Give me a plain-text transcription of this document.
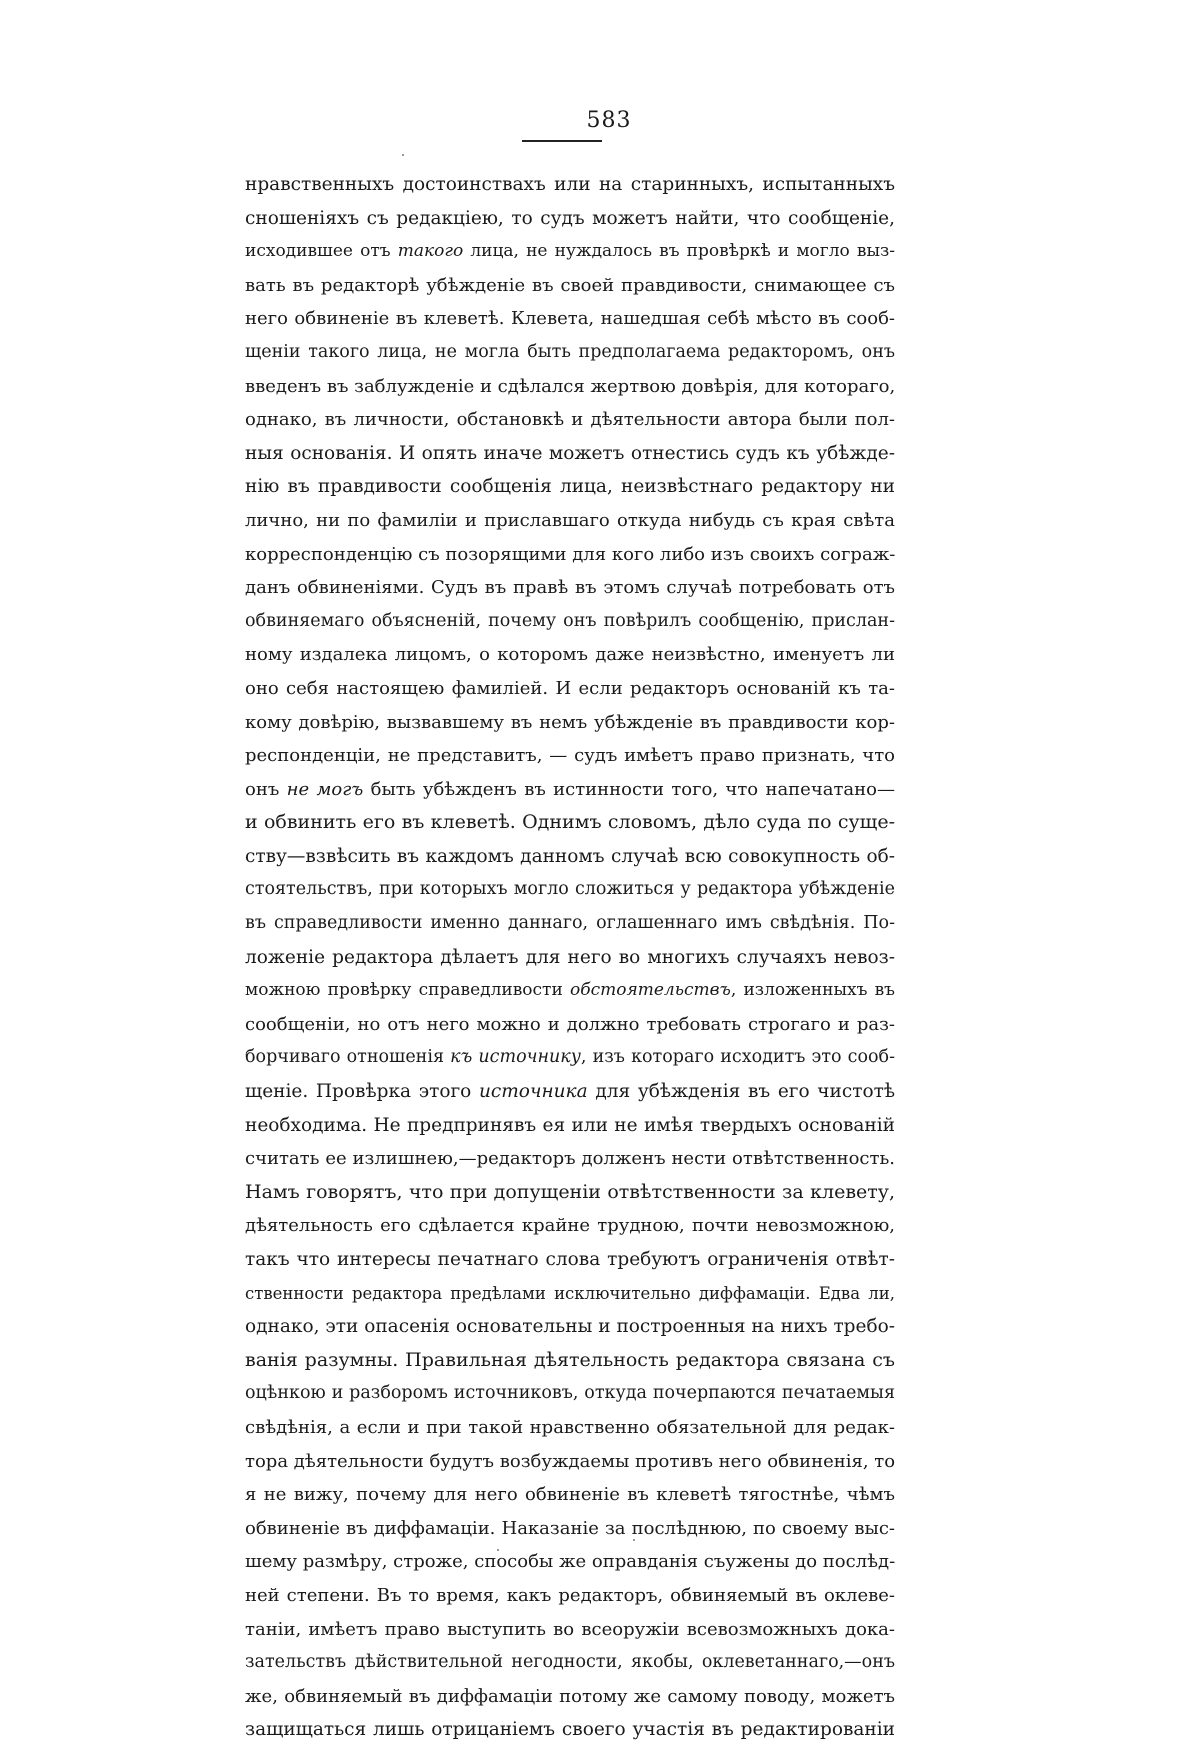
583
нравственныхъ достоинствахъ или на старинныхъ, испытанныхъ
сношеніяхъ съ редакціею, то судъ можетъ найти, что сообщеніе,
исходившее отъ такого лица, не нуждалось въ провѣркѣ и могло выз-
вать въ редакторѣ убѣжденіе въ своей правдивости, снимающее съ
него обвиненіе въ клеветѣ. Клевета, нашедшая себѣ мѣсто въ сооб-
щеніи такого лица, не могла быть предполагаема редакторомъ, онъ
введенъ въ заблужденіе и сдѣлался жертвою довѣрія, для котораго,
однако, въ личности, обстановкѣ и дѣятельности автора были пол-
ныя основанія. И опять иначе можетъ отнестись судъ къ убѣжде-
нію въ правдивости сообщенія лица, неизвѣстнаго редактору ни
лично, ни по фамиліи и приславшаго откуда нибудь съ края свѣта
корреспонденцію съ позорящими для кого либо изъ своихъ сограж-
данъ обвиненіями. Судъ въ правѣ въ этомъ случаѣ потребовать отъ
обвиняемаго объясненій, почему онъ повѣрилъ сообщенію, прислан-
ному издалека лицомъ, о которомъ даже неизвѣстно, именуетъ ли
оно себя настоящею фамиліей. И если редакторъ основаній къ та-
кому довѣрію, вызвавшему въ немъ убѣжденіе въ правдивости кор-
респонденціи, не представитъ, — судъ имѣетъ право признать, что
онъ не могъ быть убѣжденъ въ истинности того, что напечатано—
и обвинить его въ клеветѣ. Однимъ словомъ, дѣло суда по суще-
ству—взвѣсить въ каждомъ данномъ случаѣ всю совокупность об-
стоятельствъ, при которыхъ могло сложиться у редактора убѣжденіе
въ справедливости именно даннаго, оглашеннаго имъ свѣдѣнія. По-
ложеніе редактора дѣлаетъ для него во многихъ случаяхъ невоз-
можною провѣрку справедливости обстоятельствъ, изложенныхъ въ
сообщеніи, но отъ него можно и должно требовать строгаго и раз-
борчиваго отношенія къ источнику, изъ котораго исходитъ это сооб-
щеніе. Провѣрка этого источника для убѣжденія въ его чистотѣ
необходима. Не предпринявъ ея или не имѣя твердыхъ основаній
считать ее излишнею,—редакторъ долженъ нести отвѣтственность.
Намъ говорятъ, что при допущеніи отвѣтственности за клевету,
дѣятельность его сдѣлается крайне трудною, почти невозможною,
такъ что интересы печатнаго слова требуютъ ограниченія отвѣт-
ственности редактора предѣлами исключительно диффамаціи. Едва ли,
однако, эти опасенія основательны и построенныя на нихъ требо-
ванія разумны. Правильная дѣятельность редактора связана съ
оцѣнкою и разборомъ источниковъ, откуда почерпаются печатаемыя
свѣдѣнія, а если и при такой нравственно обязательной для редак-
тора дѣятельности будутъ возбуждаемы противъ него обвиненія, то
я не вижу, почему для него обвиненіе въ клеветѣ тягостнѣе, чѣмъ
обвиненіе въ диффамаціи. Наказаніе за послѣднюю, по своему выс-
шему размѣру, строже, способы же оправданія съужены до послѣд-
ней степени. Въ то время, какъ редакторъ, обвиняемый въ оклеве-
таніи, имѣетъ право выступить во всеоружіи всевозможныхъ дока-
зательствъ дѣйствительной негодности, якобы, оклеветаннаго,—онъ
же, обвиняемый въ диффамаціи потому же самому поводу, можетъ
защищаться лишь отрицаніемъ своего участія въ редактированіи
